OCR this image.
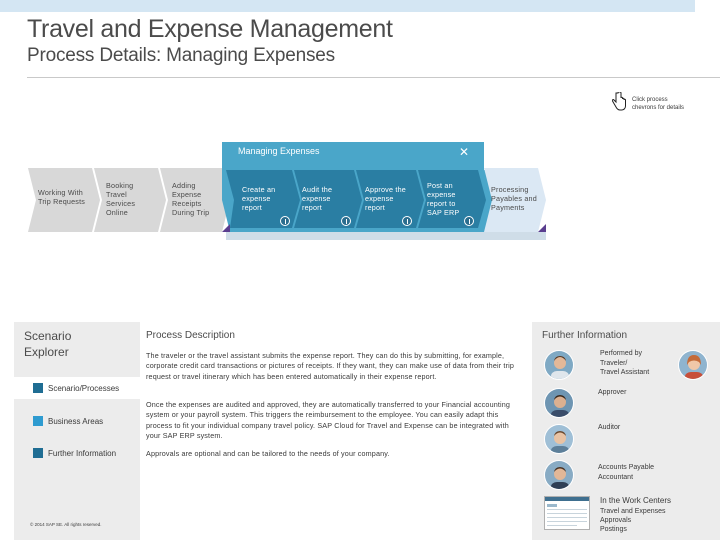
Travel and Expense Management
Process Details: Managing Expenses
Click process
chevrons for details
Managing Expenses	✕
Working With
Trip Requests
Booking
Travel
Services
Online
Adding
Expense
Receipts
During Trip
Create an
expense
report
Audit the
expense
report
Approve the
expense
report
Post an
expense
report to
SAP ERP
Processing
Payables and
Payments
Scenario
Explorer
Scenario/Processes
Business Areas
Further Information
© 2014 SAP SE. All rights reserved.
Process Description
The traveler or the travel assistant submits the expense report. They can do this by submitting, for example, corporate credit card transactions or pictures of receipts. If they want, they can make use of data from their trip request or travel itinerary which has been entered automatically in their expense report.
Once the expenses are audited and approved, they are automatically transferred to your Financial accounting system or your payroll system. This triggers the reimbursement to the employee. You can easily adapt this process to fit your individual company travel policy. SAP Cloud for Travel and Expense can be integrated with your SAP ERP system.
Approvals are optional and can be tailored to the needs of your company.
Further Information
Performed by
Traveler/
Travel Assistant
Approver
Auditor
Accounts Payable
Accountant
In the Work Centers
Travel and Expenses
Approvals
Postings
